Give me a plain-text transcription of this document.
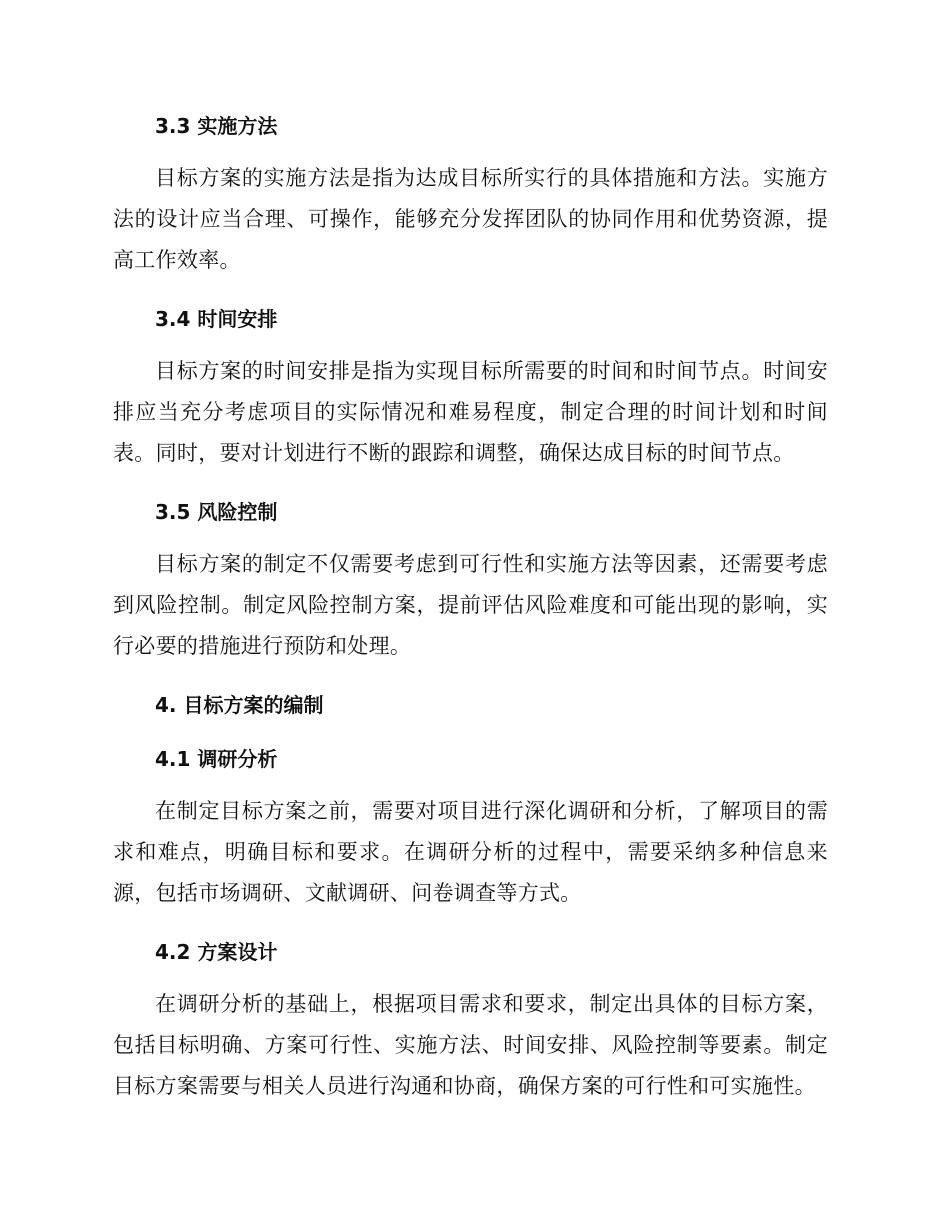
3.3 实施方法

目标方案的实施方法是指为达成目标所实行的具体措施和方法。实施方法的设计应当合理、可操作，能够充分发挥团队的协同作用和优势资源，提高工作效率。

3.4 时间安排

目标方案的时间安排是指为实现目标所需要的时间和时间节点。时间安排应当充分考虑项目的实际情况和难易程度，制定合理的时间计划和时间表。同时，要对计划进行不断的跟踪和调整，确保达成目标的时间节点。

3.5 风险控制

目标方案的制定不仅需要考虑到可行性和实施方法等因素，还需要考虑到风险控制。制定风险控制方案，提前评估风险难度和可能出现的影响，实行必要的措施进行预防和处理。

4. 目标方案的编制
4.1 调研分析

在制定目标方案之前，需要对项目进行深化调研和分析，了解项目的需求和难点，明确目标和要求。在调研分析的过程中，需要采纳多种信息来源，包括市场调研、文献调研、问卷调查等方式。

4.2 方案设计

在调研分析的基础上，根据项目需求和要求，制定出具体的目标方案，包括目标明确、方案可行性、实施方法、时间安排、风险控制等要素。制定目标方案需要与相关人员进行沟通和协商，确保方案的可行性和可实施性。
